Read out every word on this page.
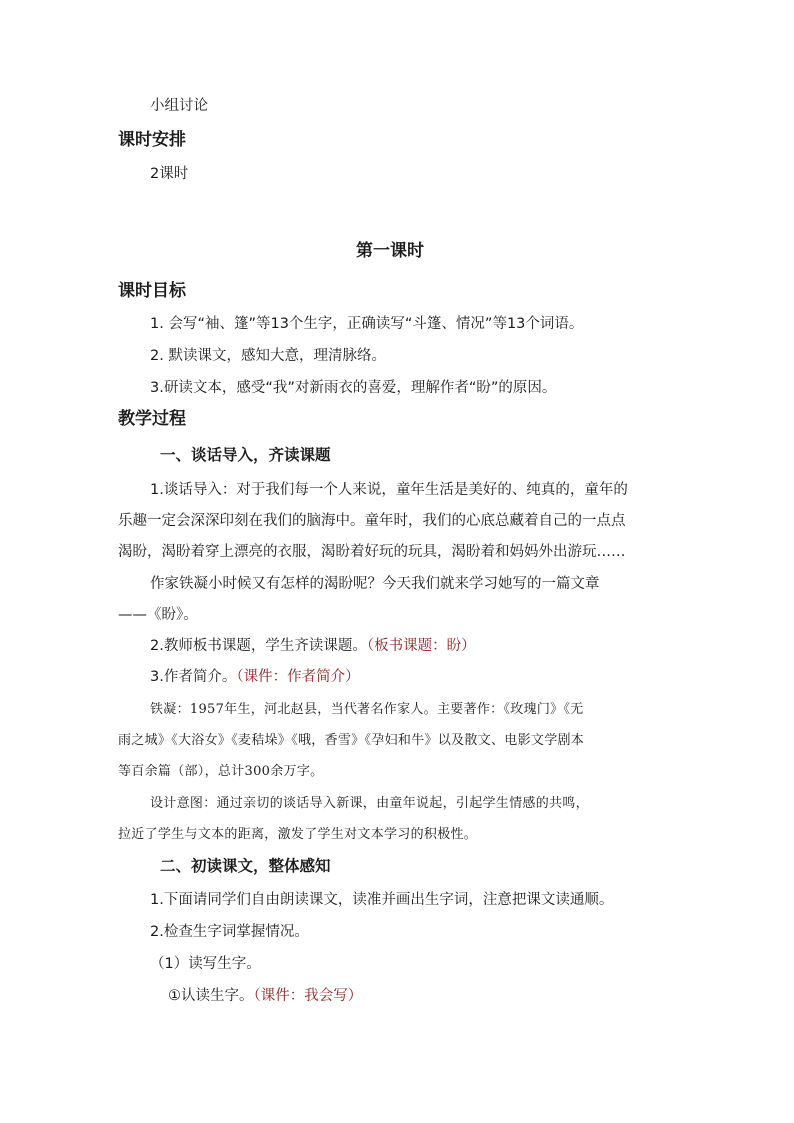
小组讨论
课时安排
2课时
第一课时
课时目标
1. 会写“袖、篷”等13个生字，正确读写“斗篷、情况”等13个词语。
2. 默读课文，感知大意，理清脉络。
3.研读文本，感受“我”对新雨衣的喜爱，理解作者“盼”的原因。
教学过程
一、谈话导入，齐读课题
1.谈话导入：对于我们每一个人来说，童年生活是美好的、纯真的，童年的
乐趣一定会深深印刻在我们的脑海中。童年时，我们的心底总藏着自己的一点点
渴盼，渴盼着穿上漂亮的衣服，渴盼着好玩的玩具，渴盼着和妈妈外出游玩……
作家铁凝小时候又有怎样的渴盼呢？今天我们就来学习她写的一篇文章
——《盼》。
2.教师板书课题，学生齐读课题。（板书课题：盼）
3.作者简介。（课件：作者简介）
铁凝：1957年生，河北赵县，当代著名作家人。主要著作：《玫瑰门》《无
雨之城》《大浴女》《麦秸垛》《哦，香雪》《孕妇和牛》以及散文、电影文学剧本
等百余篇（部），总计300余万字。
设计意图：通过亲切的谈话导入新课，由童年说起，引起学生情感的共鸣，
拉近了学生与文本的距离，激发了学生对文本学习的积极性。
二、初读课文，整体感知
1.下面请同学们自由朗读课文，读准并画出生字词，注意把课文读通顺。
2.检查生字词掌握情况。
（1）读写生字。
①认读生字。（课件：我会写）
